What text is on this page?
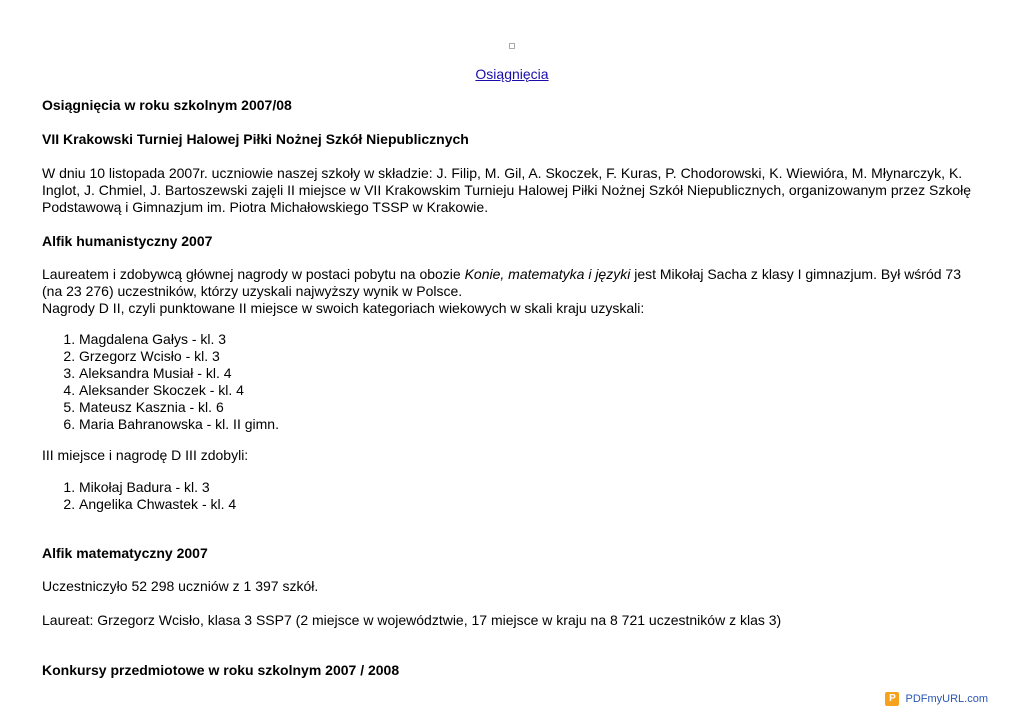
Osiągnięcia
Osiągnięcia w roku szkolnym 2007/08
VII Krakowski Turniej Halowej Piłki Nożnej Szkół Niepublicznych
W dniu 10 listopada 2007r. uczniowie naszej szkoły w składzie: J. Filip, M. Gil, A. Skoczek, F. Kuras, P. Chodorowski, K. Wiewióra, M. Młynarczyk, K. Inglot, J. Chmiel, J. Bartoszewski zajęli II miejsce w VII Krakowskim Turnieju Halowej Piłki Nożnej Szkół Niepublicznych, organizowanym przez Szkołę Podstawową i Gimnazjum im. Piotra Michałowskiego TSSP w Krakowie.
Alfik humanistyczny 2007
Laureatem i zdobywcą głównej nagrody w postaci pobytu na obozie Konie, matematyka i języki jest Mikołaj Sacha z klasy I gimnazjum. Był wśród 73 (na 23 276) uczestników, którzy uzyskali najwyższy wynik w Polsce.
Nagrody D II, czyli punktowane II miejsce w swoich kategoriach wiekowych w skali kraju uzyskali:
1. Magdalena Gałys - kl. 3
2. Grzegorz Wcisło - kl. 3
3. Aleksandra Musiał - kl. 4
4. Aleksander Skoczek - kl. 4
5. Mateusz Kasznia - kl. 6
6. Maria Bahranowska - kl. II gimn.
III miejsce i nagrodę D III zdobyli:
1. Mikołaj Badura - kl. 3
2. Angelika Chwastek - kl. 4
Alfik matematyczny 2007
Uczestniczyło 52 298 uczniów z 1 397 szkół.
Laureat: Grzegorz Wcisło, klasa 3 SSP7 (2 miejsce w województwie, 17 miejsce w kraju na 8 721 uczestników z klas 3)
Konkursy przedmiotowe w roku szkolnym 2007 / 2008
P PDFmyURL.com
